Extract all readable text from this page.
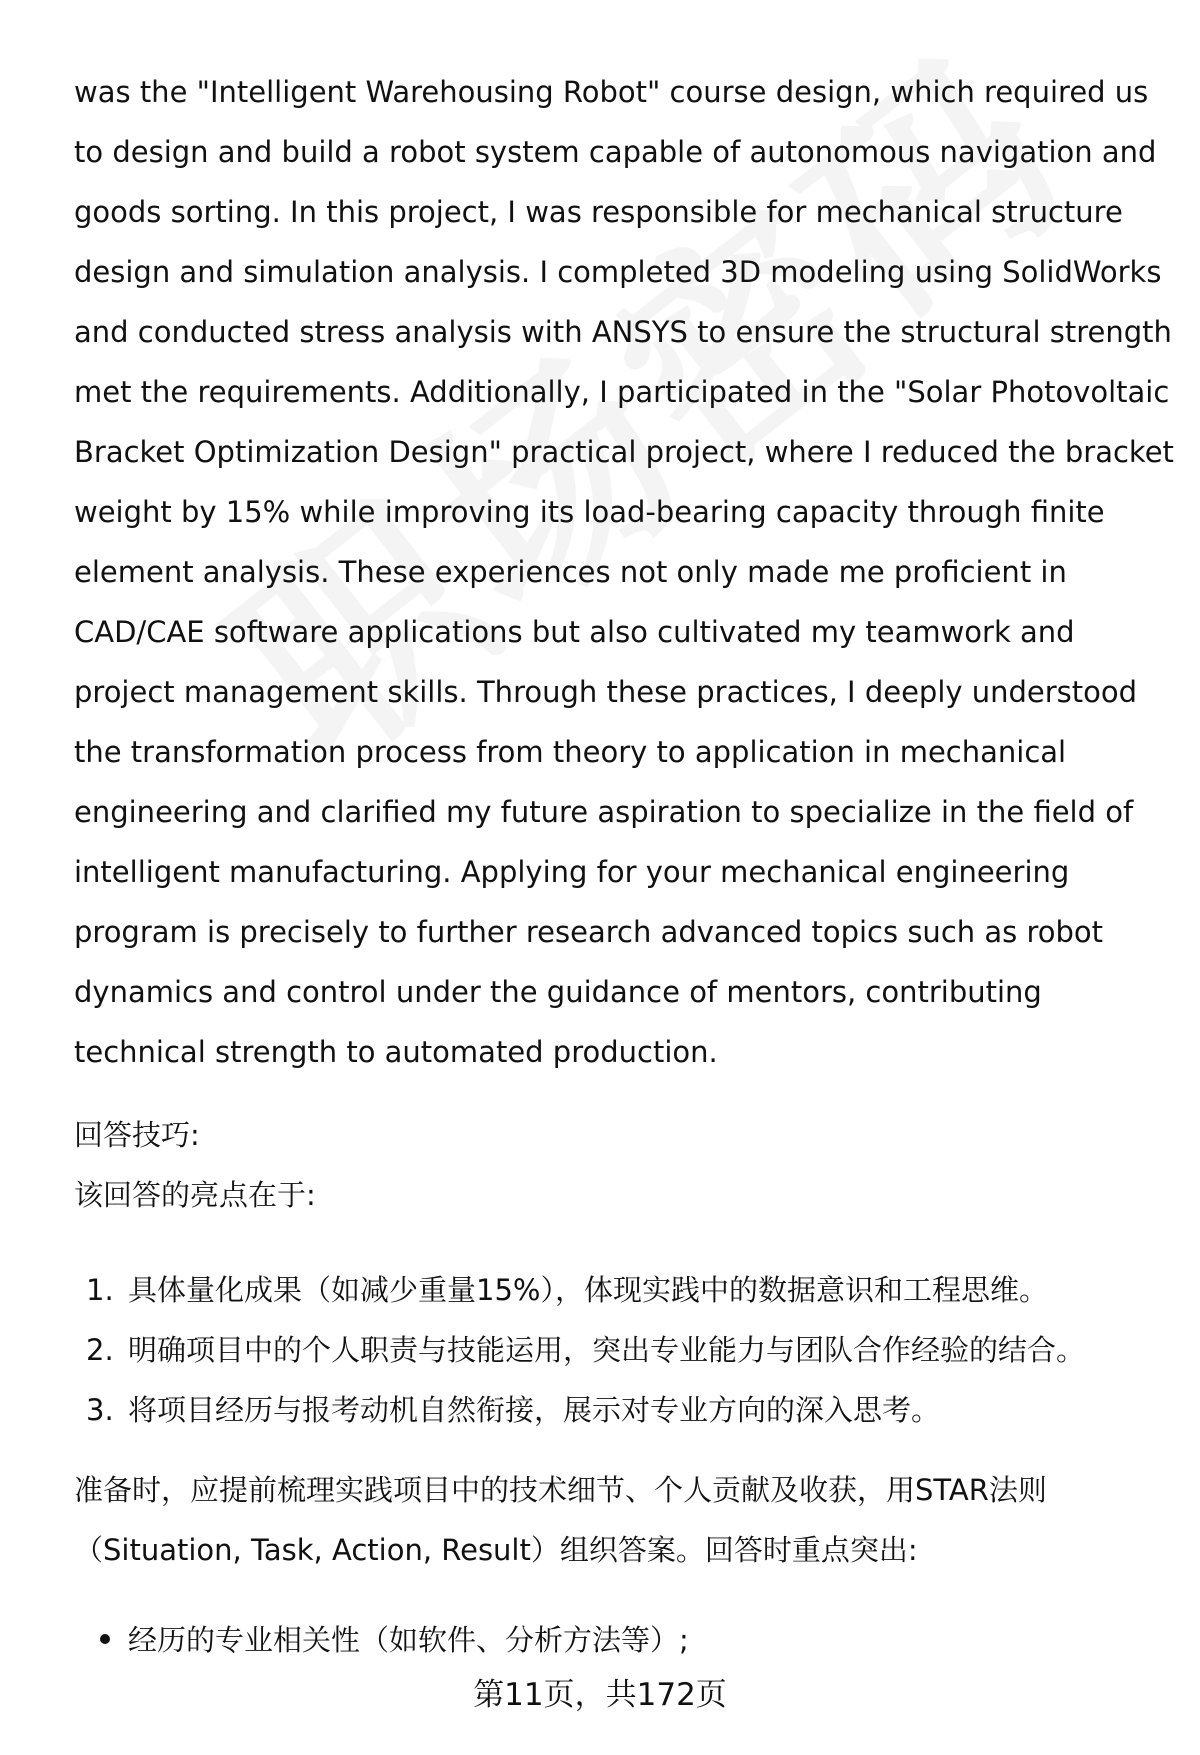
was the "Intelligent Warehousing Robot" course design, which required us
to design and build a robot system capable of autonomous navigation and
goods sorting. In this project, I was responsible for mechanical structure
design and simulation analysis. I completed 3D modeling using SolidWorks
and conducted stress analysis with ANSYS to ensure the structural strength
met the requirements. Additionally, I participated in the "Solar Photovoltaic
Bracket Optimization Design" practical project, where I reduced the bracket
weight by 15% while improving its load-bearing capacity through finite
element analysis. These experiences not only made me proficient in
CAD/CAE software applications but also cultivated my teamwork and
project management skills. Through these practices, I deeply understood
the transformation process from theory to application in mechanical
engineering and clarified my future aspiration to specialize in the field of
intelligent manufacturing. Applying for your mechanical engineering
program is precisely to further research advanced topics such as robot
dynamics and control under the guidance of mentors, contributing
technical strength to automated production.

回答技巧:

该回答的亮点在于:

1. 具体量化成果（如减少重量15%），体现实践中的数据意识和工程思维。
2. 明确项目中的个人职责与技能运用，突出专业能力与团队合作经验的结合。
3. 将项目经历与报考动机自然衔接，展示对专业方向的深入思考。

准备时，应提前梳理实践项目中的技术细节、个人贡献及收获，用STAR法则

（Situation, Task, Action, Result）组织答案。回答时重点突出:

经历的专业相关性（如软件、分析方法等）;
第11页，共172页
